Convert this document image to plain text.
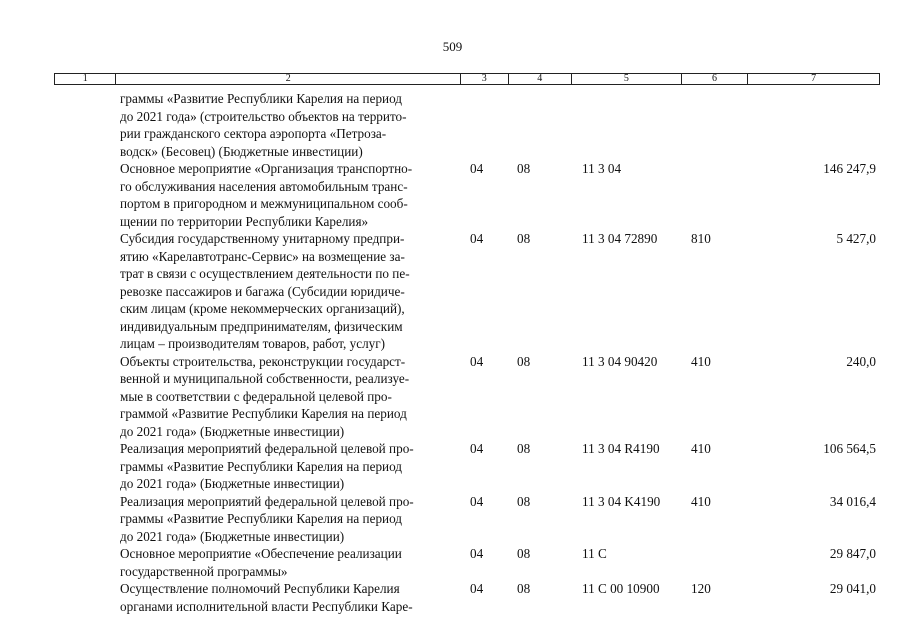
509
1	2	3	4	5	6	7
граммы «Развитие Республики Карелия на период
до 2021 года» (строительство объектов на террито-
рии гражданского сектора аэропорта «Петроза-
водск» (Бесовец) (Бюджетные инвестиции)
Основное мероприятие «Организация транспортно-
го обслуживания населения автомобильным транс-
портом в пригородном и межмуниципальном сооб-
щении по территории Республики Карелия»
04	08	11 3 04	146 247,9
Субсидия государственному унитарному предпри-
ятию «Карелавтотранс-Сервис» на возмещение за-
трат в связи с осуществлением деятельности по пе-
ревозке пассажиров и багажа (Субсидии юридиче-
ским лицам (кроме некоммерческих организаций),
индивидуальным предпринимателям, физическим
лицам – производителям товаров, работ, услуг)
04	08	11 3 04 72890	810	5 427,0
Объекты строительства, реконструкции государст-
венной и муниципальной собственности, реализуе-
мые в соответствии с федеральной целевой про-
граммой «Развитие Республики Карелия на период
до 2021 года» (Бюджетные инвестиции)
04	08	11 3 04 90420	410	240,0
Реализация мероприятий федеральной целевой про-
граммы «Развитие Республики Карелия на период
до 2021 года» (Бюджетные инвестиции)
04	08	11 3 04 R4190 410	106 564,5
Реализация мероприятий федеральной целевой про-
граммы «Развитие Республики Карелия на период
до 2021 года» (Бюджетные инвестиции)
04	08	11 3 04 K4190 410	34 016,4
Основное мероприятие «Обеспечение реализации
государственной программы»
04	08	11 С	29 847,0
Осуществление полномочий Республики Карелия
органами исполнительной власти Республики Каре-
04	08	11 С 00 10900 120	29 041,0
